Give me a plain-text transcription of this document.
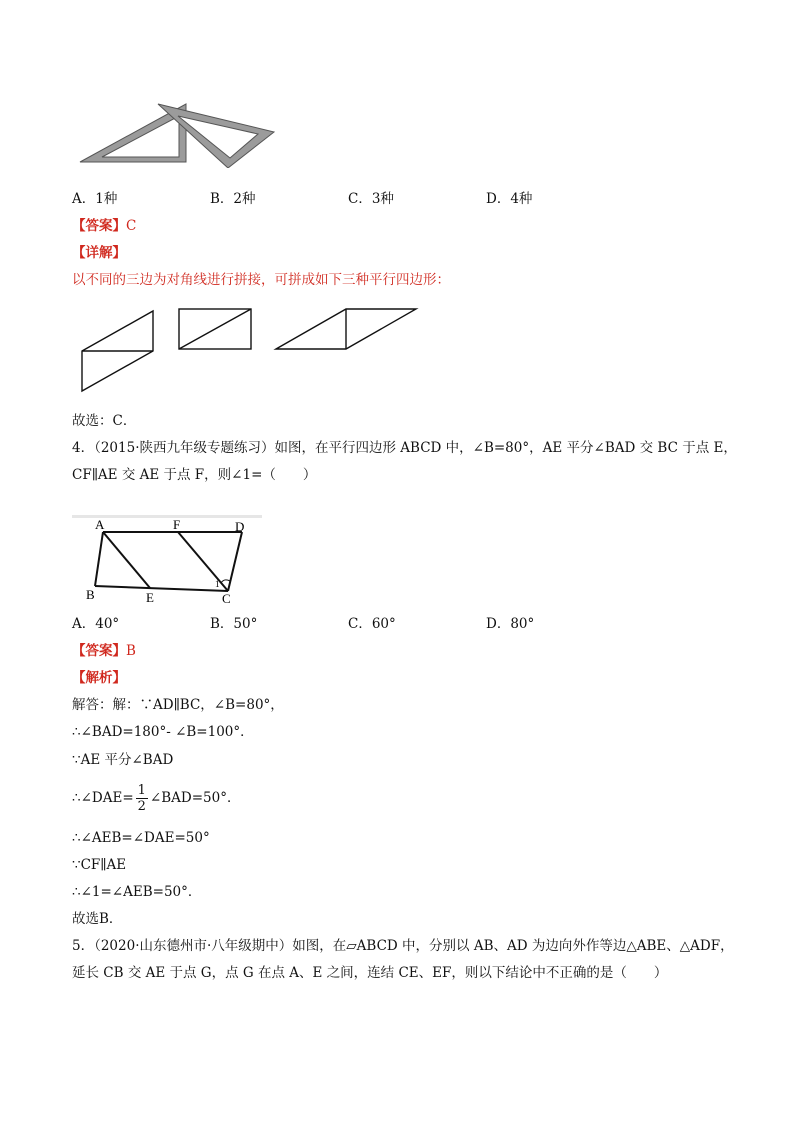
A．1种	B．2种	C．3种	D．4种
【答案】C
【详解】
以不同的三边为对角线进行拼接，可拼成如下三种平行四边形：
故选：C．
4．（2015·陕西九年级专题练习）如图，在平行四边形 ABCD 中，∠B=80°，AE 平分∠BAD 交 BC 于点 E，
CF∥AE 交 AE 于点 F，则∠1=（　　）
A	F	D
B	E	C
1
A．40°	B．50°	C．60°	D．80°
【答案】B
【解析】
解答：解：∵AD∥BC，∠B=80°，
∴∠BAD=180°- ∠B=100°．
∵AE 平分∠BAD
∴∠DAE= $\frac{1}{2}$ ∠BAD=50°．
∴∠AEB=∠DAE=50°
∵CF∥AE
∴∠1=∠AEB=50°．
故选B．
5．（2020·山东德州市·八年级期中）如图，在▱ABCD 中，分别以 AB、AD 为边向外作等边△ABE、△ADF，
延长 CB 交 AE 于点 G，点 G 在点 A、E 之间，连结 CE、EF，则以下结论中不正确的是（　　）
